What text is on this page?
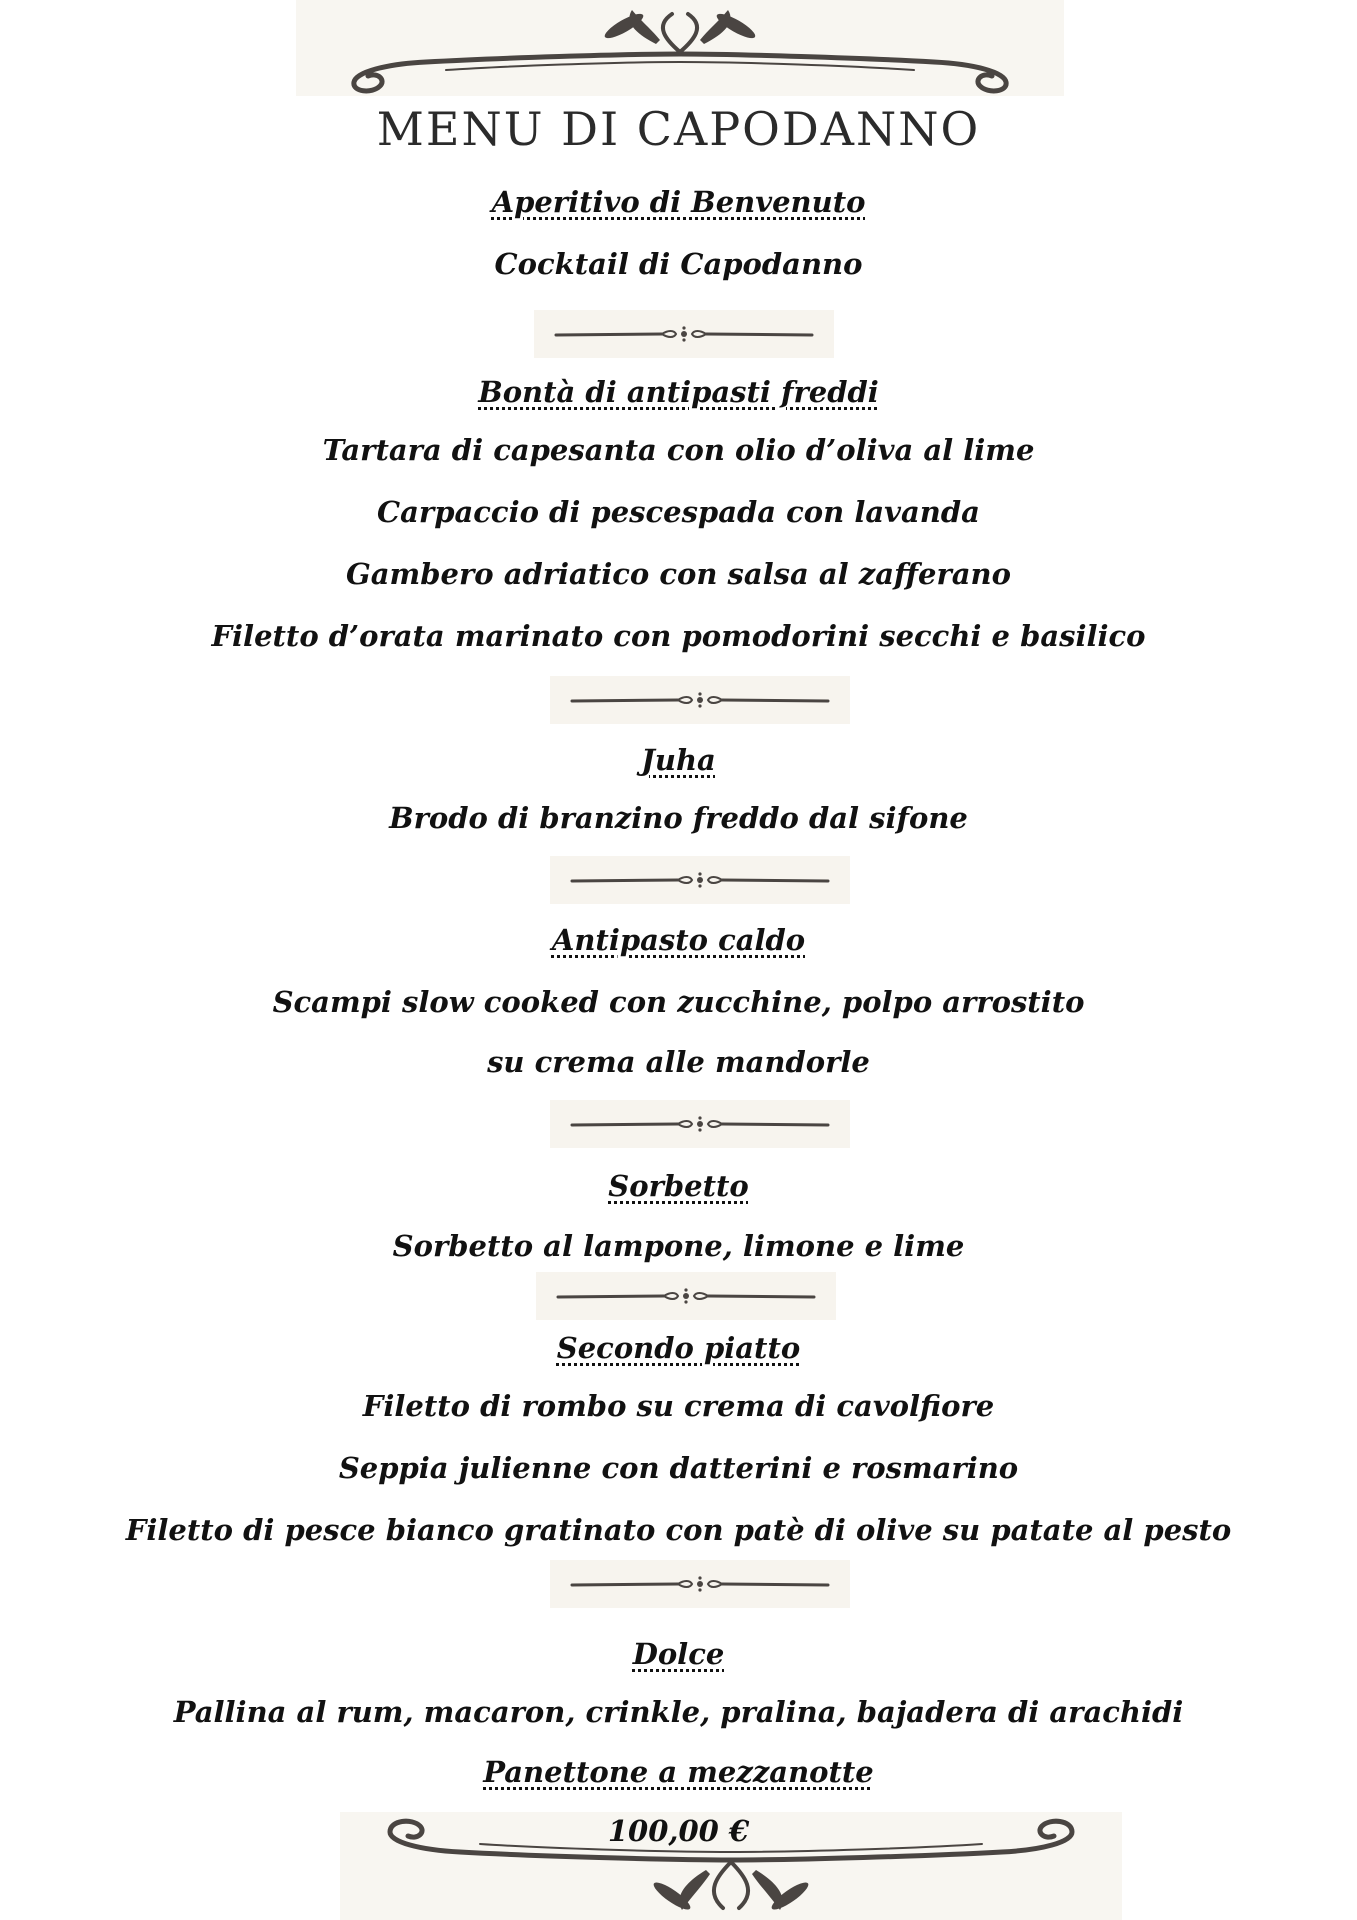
MENU DI CAPODANNO
Aperitivo di Benvenuto
Cocktail di Capodanno
Bontà di antipasti freddi
Tartara di capesanta con olio d’oliva al lime
Carpaccio di pescespada con lavanda
Gambero adriatico con salsa al zafferano
Filetto d’orata marinato con pomodorini secchi e basilico
Juha
Brodo di branzino freddo dal sifone
Antipasto caldo
Scampi slow cooked con zucchine, polpo arrostito
su crema alle mandorle
Sorbetto
Sorbetto al lampone, limone e lime
Secondo piatto
Filetto di rombo su crema di cavolfiore
Seppia julienne con datterini e rosmarino
Filetto di pesce bianco gratinato con patè di olive su patate al pesto
Dolce
Pallina al rum, macaron, crinkle, pralina, bajadera di arachidi
Panettone a mezzanotte
100,00 €
